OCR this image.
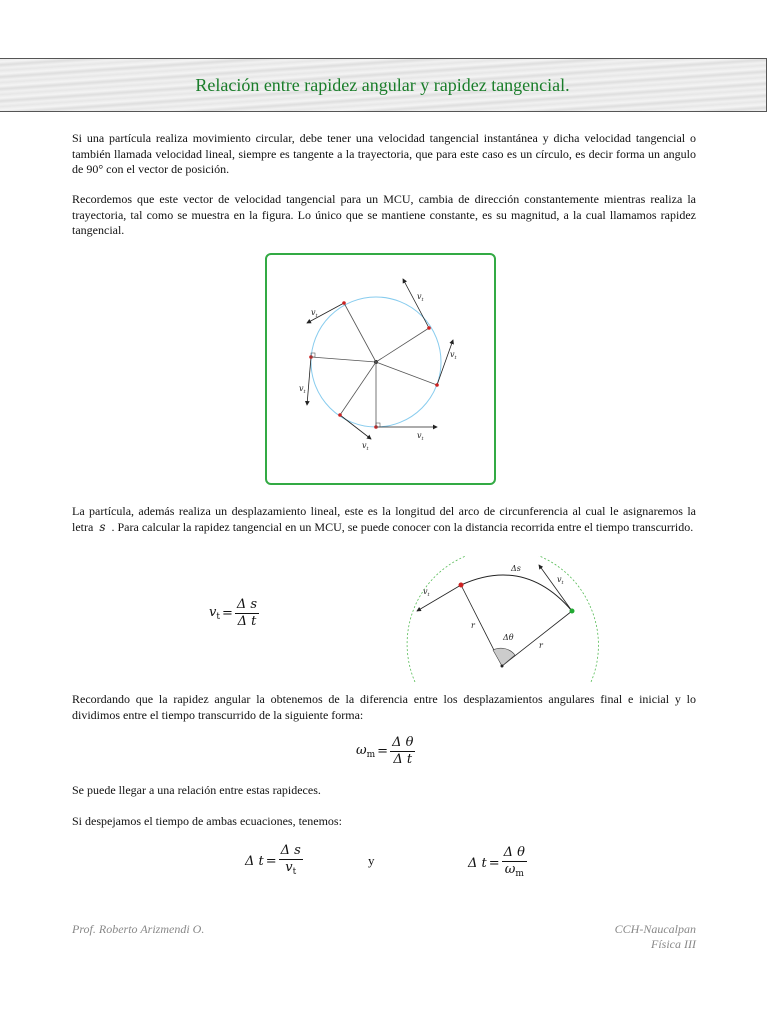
Relación entre rapidez angular y rapidez tangencial.

Si una partícula realiza movimiento circular, debe tener una velocidad tangencial instantánea y dicha velocidad tangencial o también llamada velocidad lineal, siempre es tangente a la trayectoria, que para este caso es un círculo, es decir forma un angulo de 90° con el vector de posición.

Recordemos que este vector de velocidad tangencial para un MCU, cambia de dirección constantemente mientras realiza la trayectoria, tal como se muestra en la figura. Lo único que se mantiene constante, es su magnitud, a la cual llamamos rapidez tangencial.

$v_t$
$v_t$
$v_t$
$v_t$
$v_t$
$v_t$

La partícula, además realiza un desplazamiento lineal, este es la longitud del arco de circunferencia al cual le asignaremos la letra s . Para calcular la rapidez tangencial en un MCU, se puede conocer con la distancia recorrida entre el tiempo transcurrido.

$v_t = \frac{\text{Δ s}}{\text{Δ t}}$
Δs
Δθ
r
r
$v_t$
$v_t$

Recordando que la rapidez angular la obtenemos de la diferencia entre los desplazamientos angulares final e inicial y lo dividimos entre el tiempo transcurrido de la siguiente forma:

$\omega_m = \frac{\text{Δ θ}}{\text{Δ t}}$

Se puede llegar a una relación entre estas rapideces.

Si despejamos el tiempo de ambas ecuaciones, tenemos:

Δ $t = \frac{\text{Δ s}}{v_t}$	y	Δ $t = \frac{\text{Δ θ}}{\omega_m}$
Prof. Roberto Arizmendi O.	CCH-Naucalpan
Física III
